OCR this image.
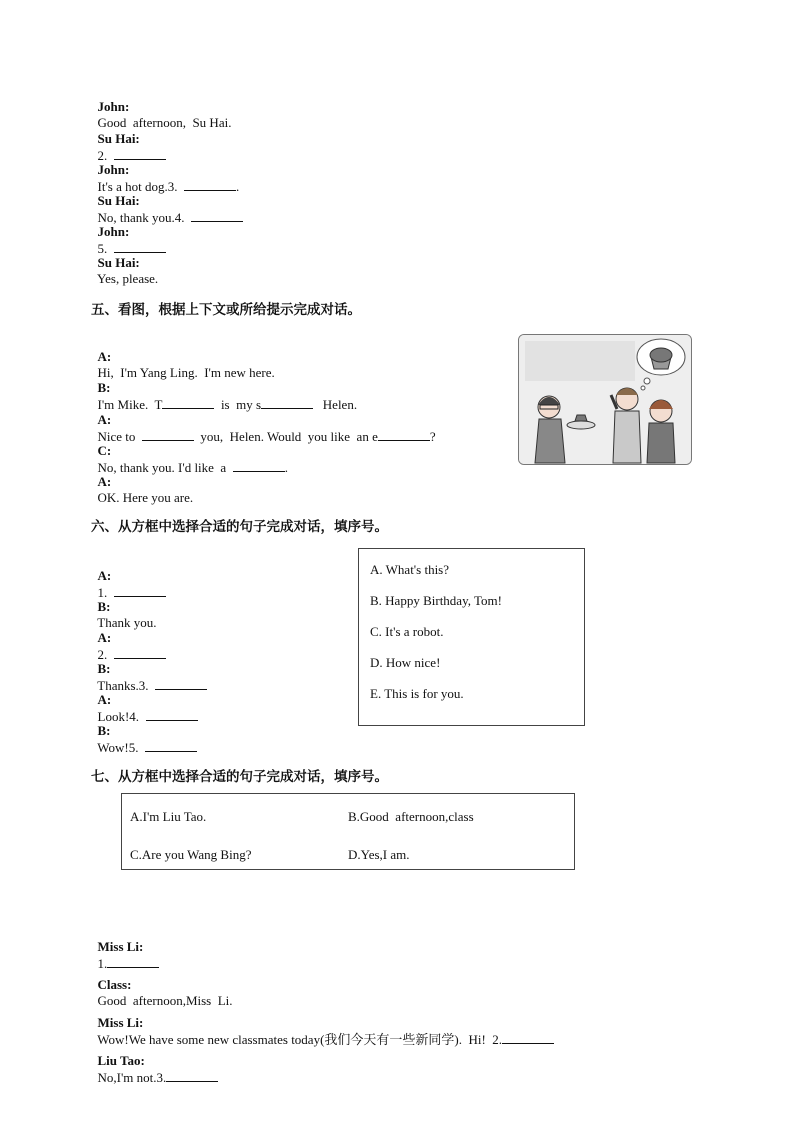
John:
Good  afternoon,  Su Hai.

Su Hai:
2.

John:
It's a hot dog.3.	.

Su Hai:
No, thank you.4.

John:
5.

Su Hai:
Yes, please.

五、看图，根据上下文或所给提示完成对话。

A:
Hi,  I'm Yang Ling.  I'm new here.

B:
I'm Mike.  T	is  my s	Helen.

A:
Nice to	you,  Helen. Would  you like  an e	?

C:
No, thank you. I'd like  a	.

A:
OK. Here you are.

六、从方框中选择合适的句子完成对话，填序号。

A:
1.

B:
Thank you.

A:
2.

B:
Thanks.3.

A:
Look!4.

B:
Wow!5.

A. What's this?
B. Happy Birthday, Tom!
C. It's a robot.
D. How nice!
E. This is for you.
七、从方框中选择合适的句子完成对话，填序号。
A.I'm Liu Tao.	B.Good  afternoon,class
C.Are you Wang Bing?	D.Yes,I am.

Miss Li:
1.

Class:
Good  afternoon,Miss  Li.

Miss Li:
Wow!We have some new classmates today(我们今天有一些新同学).  Hi!  2.

Liu Tao:
No,I'm not.3.
